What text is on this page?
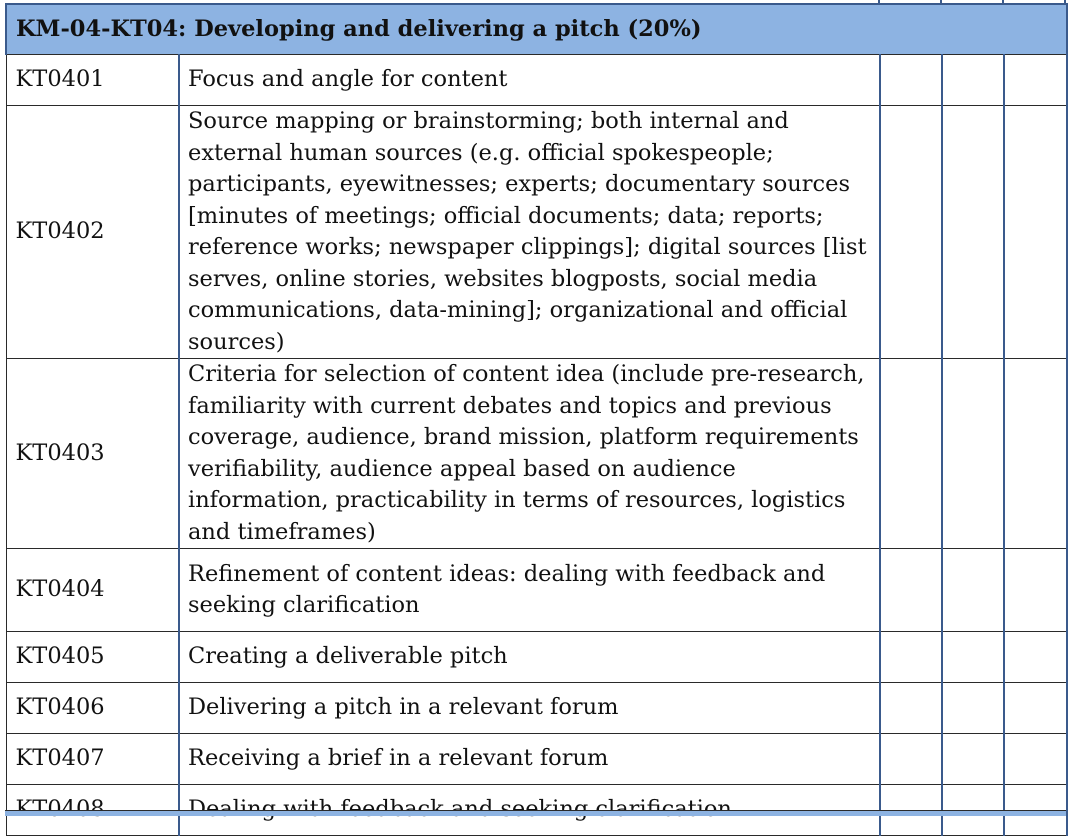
KM-04-KT04: Developing and delivering a pitch (20%)				
KT0401	Focus and angle for content			
KT0402	Source mapping or brainstorming; both internal and external human sources (e.g. official spokespeople; participants, eyewitnesses; experts; documentary sources [minutes of meetings; official documents; data; reports; reference works; newspaper clippings]; digital sources [list serves, online stories, websites blogposts, social media communications, data-mining]; organizational and official sources)			
KT0403	Criteria for selection of content idea (include pre-research, familiarity with current debates and topics and previous coverage, audience, brand mission, platform requirements verifiability, audience appeal based on audience information, practicability in terms of resources, logistics and timeframes)			
KT0404	Refinement of content ideas: dealing with feedback and seeking clarification			
KT0405	Creating a deliverable pitch			
KT0406	Delivering a pitch in a relevant forum			
KT0407	Receiving a brief in a relevant forum			
